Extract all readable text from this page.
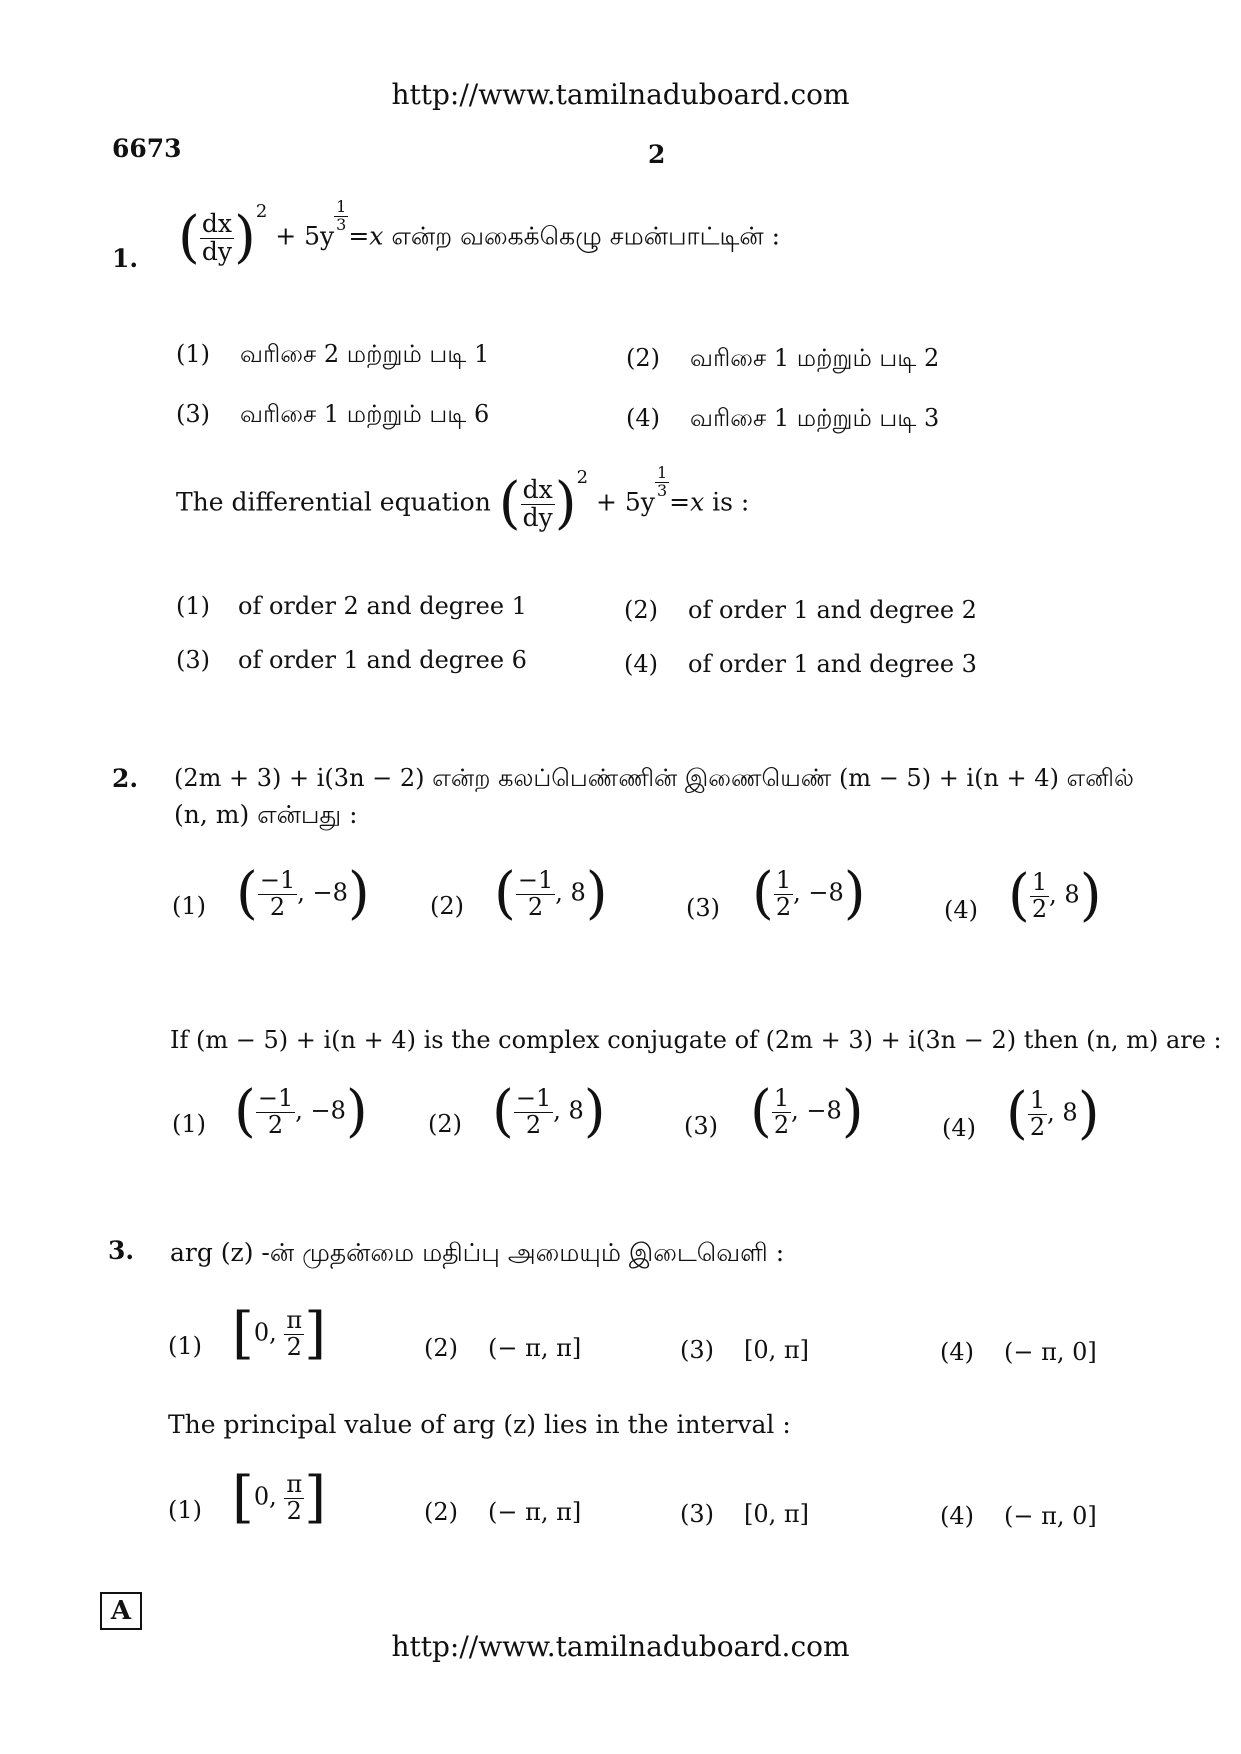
http://www.tamilnaduboard.com
6673	2
1. ( $\frac{dx}{dy} )^2 + 5y$
$\frac{1}{3}$
=x என்ற வகைக்கெழு சமன்பாட்டின் :
(1) வரிசை 2 மற்றும் படி 1	(2) வரிசை 1 மற்றும் படி 2
(3) வரிசை 1 மற்றும் படி 6	(4) வரிசை 1 மற்றும் படி 3
The differential equation ( $\frac{dx}{dy} )^2 + 5y$
$\frac{1}{3}$
=x is :
(1) of order 2 and degree 1	(2) of order 1 and degree 2
(3) of order 1 and degree 6	(4) of order 1 and degree 3
2. (2m + 3) + i(3n − 2) என்ற கலப்பெண்ணின் இணையெண் (m − 5) + i(n + 4) எனில்
(n, m) என்பது :
(1) ( $\frac{-1}{2}$ , −8)	(2) ( $\frac{-1}{2}$ , 8)	(3) ( $\frac{1}{2}$ , −8)	(4) ( $\frac{1}{2}$ , 8)
If (m − 5) + i(n + 4) is the complex conjugate of (2m + 3) + i(3n − 2) then (n, m) are :
(1) ( $\frac{-1}{2}$ , −8)	(2) ( $\frac{-1}{2}$ , 8)	(3) ( $\frac{1}{2}$ , −8)	(4) ( $\frac{1}{2}$ , 8)
3. arg (z) -ன் முதன்மை மதிப்பு அமையும் இடைவெளி :
(1) [0, $\frac{\pi}{2}$ ]	(2) (− π, π]	(3) [0, π]	(4) (− π, 0]
The principal value of arg (z) lies in the interval :
(1) [0, $\frac{\pi}{2}$ ]	(2) (− π, π]	(3) [0, π]	(4) (− π, 0]
A
http://www.tamilnaduboard.com
